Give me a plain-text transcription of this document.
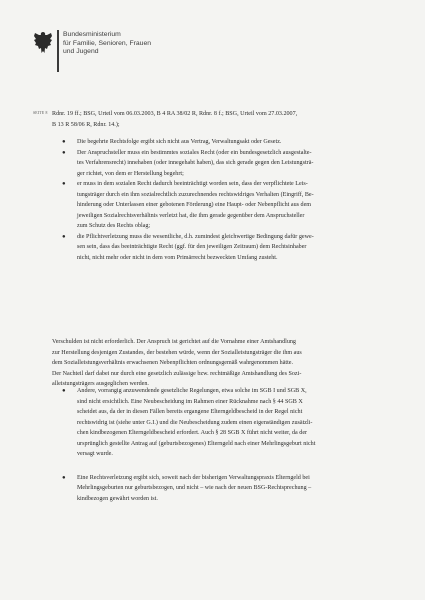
Bundesministerium
für Familie, Senioren, Frauen
und Jugend
SEITE 8 Rdnr. 19 ff.; BSG, Urteil vom 06.03.2003, B 4 RA 38/02 R, Rdnr. 8 f.; BSG, Urteil vom 27.03.2007,
B 13 R 58/06 R, Rdnr. 14.);
● Die begehrte Rechtsfolge ergibt sich nicht aus Vertrag, Verwaltungsakt oder Gesetz.
● Der Anspruchsteller muss ein bestimmtes soziales Recht (oder ein bundesgesetzlich ausgestalte-
tes Verfahrensrecht) innehaben (oder innegehabt haben), das sich gerade gegen den Leistungsträ-
ger richtet, von dem er Herstellung begehrt;
● er muss in dem sozialen Recht dadurch beeinträchtigt worden sein, dass der verpflichtete Leis-
tungsträger durch ein ihm sozialrechtlich zuzurechnendes rechtswidriges Verhalten (Eingriff, Be-
hinderung oder Unterlassen einer gebotenen Förderung) eine Haupt- oder Nebenpflicht aus dem
jeweiligen Sozialrechtsverhältnis verletzt hat, die ihm gerade gegenüber dem Anspruchsteller
zum Schutz des Rechts oblag;
● die Pflichtverletzung muss die wesentliche, d.h. zumindest gleichwertige Bedingung dafür gewe-
sen sein, dass das beeinträchtigte Recht (ggf. für den jeweiligen Zeitraum) dem Rechtsinhaber
nicht, nicht mehr oder nicht in dem vom Primärrecht bezweckten Umfang zusteht.
Verschulden ist nicht erforderlich. Der Anspruch ist gerichtet auf die Vornahme einer Amtshandlung
zur Herstellung desjenigen Zustandes, der bestehen würde, wenn der Sozialleistungsträger die ihm aus
dem Sozialleistungsverhältnis erwachsenen Nebenpflichten ordnungsgemäß wahrgenommen hätte.
Der Nachteil darf dabei nur durch eine gesetzlich zulässige bzw. rechtmäßige Amtshandlung des Sozi-
alleistungsträgers ausgeglichen werden.
● Andere, vorrangig anzuwendende gesetzliche Regelungen, etwa solche im SGB I und SGB X,
sind nicht ersichtlich. Eine Neubescheidung im Rahmen einer Rücknahme nach § 44 SGB X
scheidet aus, da der in diesen Fällen bereits ergangene Elterngeldbescheid in der Regel nicht
rechtswidrig ist (siehe unter G.I.) und die Neubescheidung zudem einen eigenständigen zusätzli-
chen kindbezogenen Elterngeldbescheid erfordert. Auch § 28 SGB X führt nicht weiter, da der
ursprünglich gestellte Antrag auf (geburtsbezogenes) Elterngeld nach einer Mehrlingsgeburt nicht
versagt wurde.
● Eine Rechtsverletzung ergibt sich, soweit nach der bisherigen Verwaltungspraxis Elterngeld bei
Mehrlingsgeburten nur geburtsbezogen, und nicht – wie nach der neuen BSG-Rechtsprechung –
kindbezogen gewährt worden ist.
